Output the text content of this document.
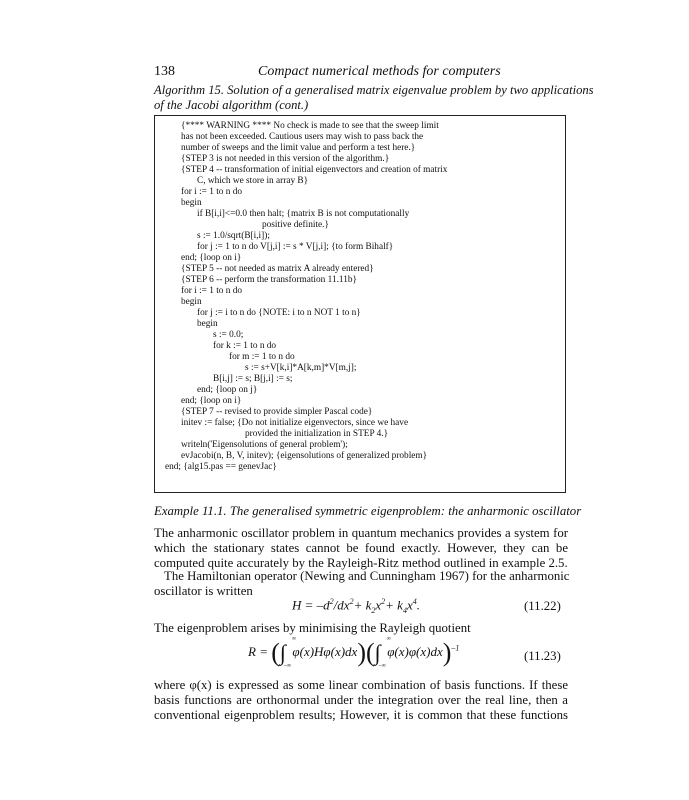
138	Compact numerical methods for computers
Algorithm 15. Solution of a generalised matrix eigenvalue problem by two applications
of the Jacobi algorithm (cont.)
{**** WARNING **** No check is made to see that the sweep limit
has not been exceeded. Cautious users may wish to pass back the
number of sweeps and the limit value and perform a test here.}
{STEP 3 is not needed in this version of the algorithm.}
{STEP 4 -- transformation of initial eigenvectors and creation of matrix
C, which we store in array B}
for i := 1 to n do
begin
if B[i,i]<=0.0 then halt; {matrix B is not computationally
positive definite.}
s := 1.0/sqrt(B[i,i]);
for j := 1 to n do V[j,i] := s * V[j,i]; {to form Bihalf}
end; {loop on i}
{STEP 5 -- not needed as matrix A already entered}
{STEP 6 -- perform the transformation 11.11b}
for i := 1 to n do
begin
for j := i to n do {NOTE: i to n NOT 1 to n}
begin
s := 0.0;
for k := 1 to n do
for m := 1 to n do
s := s+V[k,i]*A[k,m]*V[m,j];
B[i,j] := s; B[j,i] := s;
end; {loop on j}
end; {loop on i}
{STEP 7 -- revised to provide simpler Pascal code}
initev := false; {Do not initialize eigenvectors, since we have
provided the initialization in STEP 4.}
writeln('Eigensolutions of general problem');
evJacobi(n, B, V, initev); {eigensolutions of generalized problem}
end; {alg15.pas == genevJac}
Example 11.1. The generalised symmetric eigenproblem: the anharmonic oscillator
The anharmonic oscillator problem in quantum mechanics provides a system for
which the stationary states cannot be found exactly. However, they can be
computed quite accurately by the Rayleigh-Ritz method outlined in example 2.5.
The Hamiltonian operator (Newing and Cunningham 1967) for the anharmonic
oscillator is written
$H = -d^2/dx^2+ k_2x^2+ k_4x^4$.	(11.22)
The eigenproblem arises by minimising the Rayleigh quotient
R = (∫
∞
–∞
φ(x)Hφ(x)dx)(∫
∞
–∞
φ(x)φ(x)dx)$^{-1}$
(11.23)
where φ(x) is expressed as some linear combination of basis functions. If these
basis functions are orthonormal under the integration over the real line, then a
conventional eigenproblem results; However, it is common that these functions
